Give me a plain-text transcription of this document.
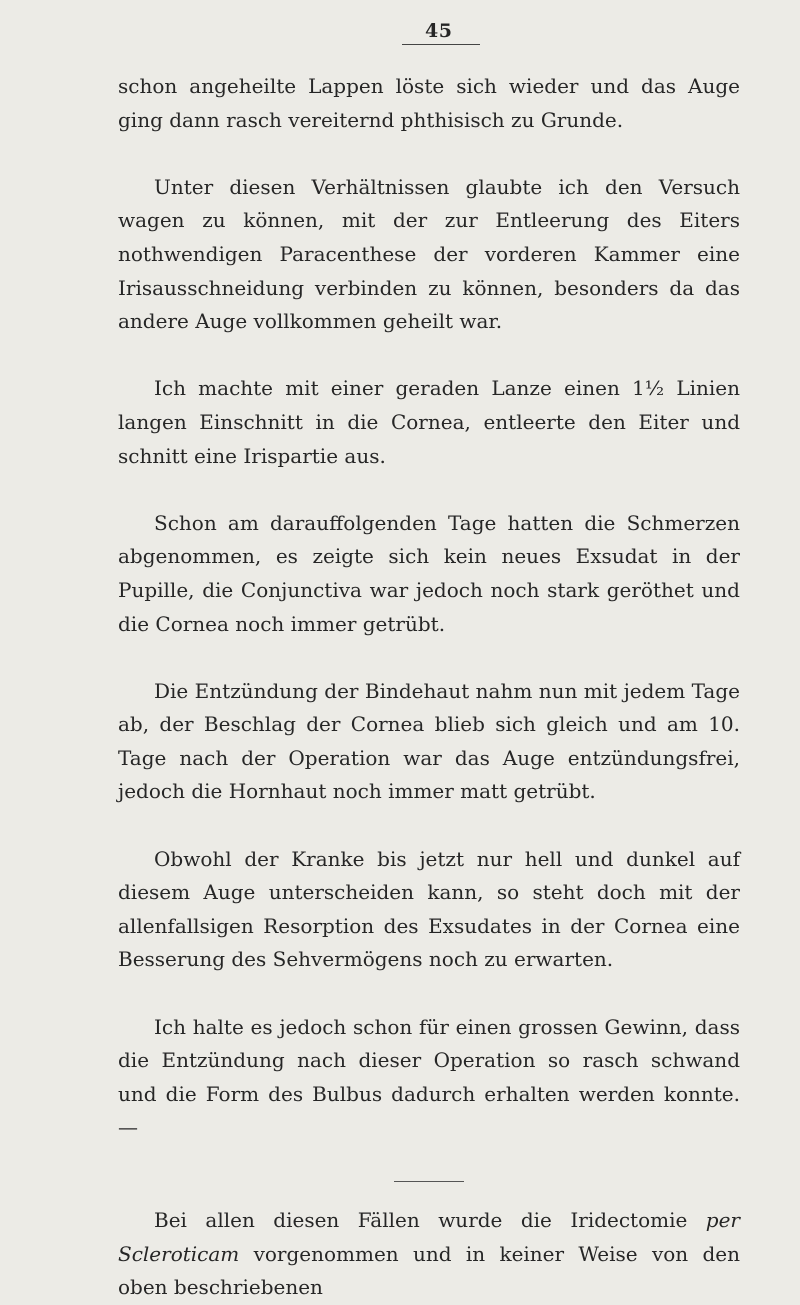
45

schon angeheilte Lappen löste sich wieder und das Auge ging dann rasch vereiternd phthisisch zu Grunde.

Unter diesen Verhältnissen glaubte ich den Versuch wagen zu können, mit der zur Entleerung des Eiters nothwendigen Paracenthese der vorderen Kammer eine Irisausschneidung verbinden zu können, besonders da das andere Auge vollkommen geheilt war.

Ich machte mit einer geraden Lanze einen 1½ Linien langen Einschnitt in die Cornea, entleerte den Eiter und schnitt eine Irispartie aus.

Schon am darauffolgenden Tage hatten die Schmerzen abgenommen, es zeigte sich kein neues Exsudat in der Pupille, die Conjunctiva war jedoch noch stark geröthet und die Cornea noch immer getrübt.

Die Entzündung der Bindehaut nahm nun mit jedem Tage ab, der Beschlag der Cornea blieb sich gleich und am 10. Tage nach der Operation war das Auge entzündungsfrei, jedoch die Hornhaut noch immer matt getrübt.

Obwohl der Kranke bis jetzt nur hell und dunkel auf diesem Auge unterscheiden kann, so steht doch mit der allenfallsigen Resorption des Exsudates in der Cornea eine Besserung des Sehvermögens noch zu erwarten.

Ich halte es jedoch schon für einen grossen Gewinn, dass die Entzündung nach dieser Operation so rasch schwand und die Form des Bulbus dadurch erhalten werden konnte. —

Bei allen diesen Fällen wurde die Iridectomie per Scleroticam vorgenommen und in keiner Weise von den oben beschriebenen
